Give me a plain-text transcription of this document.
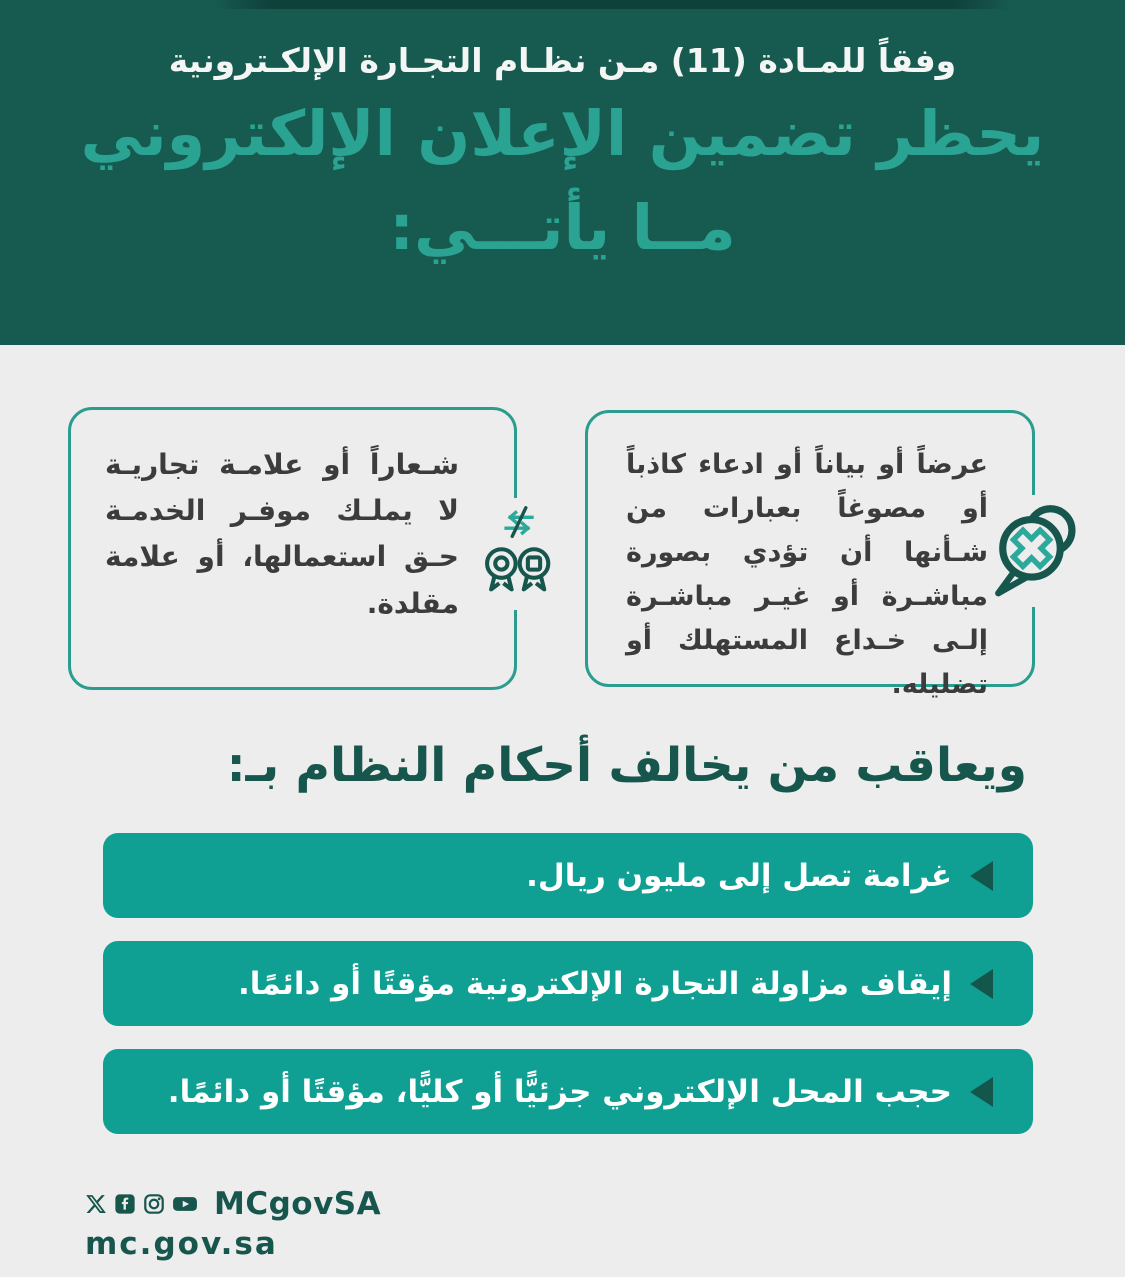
وفقاً للمـادة (11) مـن نظـام التجـارة الإلكـترونية

يحظر تضمين الإعلان الإلكتروني
مــا يأتـــي:
شـعاراً أو علامـة تجاريـة لا يملـك موفـر الخدمـة حـق استعمالها، أو علامة مقلدة.
عرضاً أو بياناً أو ادعاء كاذباً أو مصوغاً بعبارات من شـأنها أن تؤدي بصورة مباشـرة أو غيـر مباشـرة إلـى خـداع المستهلك أو تضليله.
ويعاقب من يخالف أحكام النظام بـ:
غرامة تصل إلى مليون ريال.
إيقاف مزاولة التجارة الإلكترونية مؤقتًا أو دائمًا.
حجب المحل الإلكتروني جزئيًّا أو كليًّا، مؤقتًا أو دائمًا.
MCgovSA
mc.gov.sa
